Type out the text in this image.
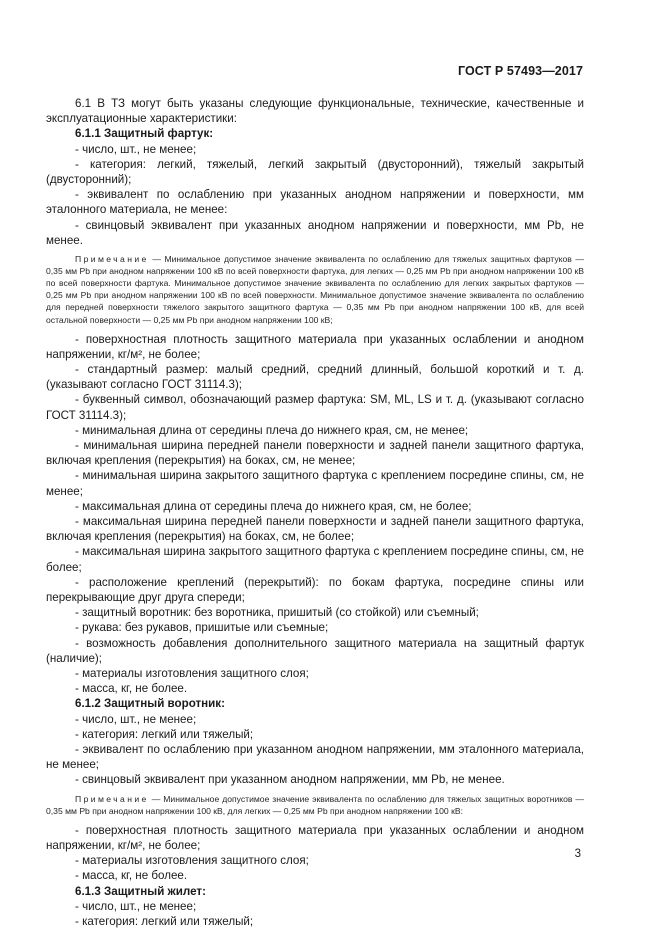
ГОСТ Р 57493—2017

6.1 В ТЗ могут быть указаны следующие функциональные, технические, качественные и эксплуатационные характеристики:

6.1.1 Защитный фартук:

- число, шт., не менее;

- категория: легкий, тяжелый, легкий закрытый (двусторонний), тяжелый закрытый (двусторонний);

- эквивалент по ослаблению при указанных анодном напряжении и поверхности, мм эталонного материала, не менее:

- свинцовый эквивалент при указанных анодном напряжении и поверхности, мм Pb, не менее.

Примечание — Минимальное допустимое значение эквивалента по ослаблению для тяжелых защитных фартуков — 0,35 мм Pb при анодном напряжении 100 кВ по всей поверхности фартука, для легких — 0,25 мм Pb при анодном напряжении 100 кВ по всей поверхности фартука. Минимальное допустимое значение эквивалента по ослаблению для легких закрытых фартуков — 0,25 мм Pb при анодном напряжении 100 кВ по всей поверхности. Минимальное допустимое значение эквивалента по ослаблению для передней поверхности тяжелого закрытого защитного фартука — 0,35 мм Pb при анодном напряжении 100 кВ, для всей остальной поверхности — 0,25 мм Pb при анодном напряжении 100 кВ;

- поверхностная плотность защитного материала при указанных ослаблении и анодном напряжении, кг/м², не более;

- стандартный размер: малый средний, средний длинный, большой короткий и т. д. (указывают согласно ГОСТ 31114.3);

- буквенный символ, обозначающий размер фартука: SM, ML, LS и т. д. (указывают согласно ГОСТ 31114.3);

- минимальная длина от середины плеча до нижнего края, см, не менее;

- минимальная ширина передней панели поверхности и задней панели защитного фартука, включая крепления (перекрытия) на боках, см, не менее;

- минимальная ширина закрытого защитного фартука с креплением посредине спины, см, не менее;

- максимальная длина от середины плеча до нижнего края, см, не более;

- максимальная ширина передней панели поверхности и задней панели защитного фартука, включая крепления (перекрытия) на боках, см, не более;

- максимальная ширина закрытого защитного фартука с креплением посредине спины, см, не более;

- расположение креплений (перекрытий): по бокам фартука, посредине спины или перекрывающие друг друга спереди;

- защитный воротник: без воротника, пришитый (со стойкой) или съемный;

- рукава: без рукавов, пришитые или съемные;

- возможность добавления дополнительного защитного материала на защитный фартук (наличие);

- материалы изготовления защитного слоя;

- масса, кг, не более.

6.1.2 Защитный воротник:

- число, шт., не менее;

- категория: легкий или тяжелый;

- эквивалент по ослаблению при указанном анодном напряжении, мм эталонного материала, не менее;

- свинцовый эквивалент при указанном анодном напряжении, мм Pb, не менее.

Примечание — Минимальное допустимое значение эквивалента по ослаблению для тяжелых защитных воротников — 0,35 мм Pb при анодном напряжении 100 кВ, для легких — 0,25 мм Pb при анодном напряжении 100 кВ:

- поверхностная плотность защитного материала при указанных ослаблении и анодном напряжении, кг/м², не более;

- материалы изготовления защитного слоя;

- масса, кг, не более.

6.1.3 Защитный жилет:

- число, шт., не менее;

- категория: легкий или тяжелый;

3
